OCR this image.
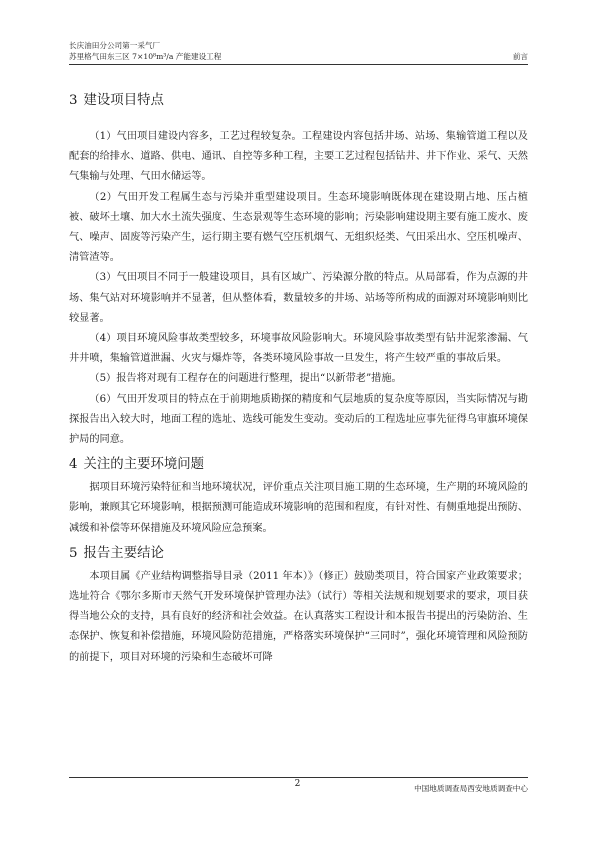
长庆油田分公司第一采气厂
苏里格气田东三区 7×10⁸m³/a 产能建设工程	前言
3 建设项目特点

（1）气田项目建设内容多，工艺过程较复杂。工程建设内容包括井场、站场、集输管道工程以及配套的给排水、道路、供电、通讯、自控等多种工程，主要工艺过程包括钻井、井下作业、采气、天然气集输与处理、气田水储运等。

（2）气田开发工程属生态与污染并重型建设项目。生态环境影响既体现在建设期占地、压占植被、破坏土壤、加大水土流失强度、生态景观等生态环境的影响；污染影响建设期主要有施工废水、废气、噪声、固废等污染产生，运行期主要有燃气空压机烟气、无组织烃类、气田采出水、空压机噪声、清管渣等。

（3）气田项目不同于一般建设项目，具有区域广、污染源分散的特点。从局部看，作为点源的井场、集气站对环境影响并不显著，但从整体看，数量较多的井场、站场等所构成的面源对环境影响则比较显著。

（4）项目环境风险事故类型较多，环境事故风险影响大。环境风险事故类型有钻井泥浆渗漏、气井井喷，集输管道泄漏、火灾与爆炸等，各类环境风险事故一旦发生，将产生较严重的事故后果。

（5）报告将对现有工程存在的问题进行整理，提出“以新带老”措施。

（6）气田开发项目的特点在于前期地质勘探的精度和气层地质的复杂度等原因，当实际情况与勘探报告出入较大时，地面工程的选址、选线可能发生变动。变动后的工程选址应事先征得乌审旗环境保护局的同意。

4 关注的主要环境问题

据项目环境污染特征和当地环境状况，评价重点关注项目施工期的生态环境，生产期的环境风险的影响，兼顾其它环境影响，根据预测可能造成环境影响的范围和程度，有针对性、有侧重地提出预防、减缓和补偿等环保措施及环境风险应急预案。

5 报告主要结论

本项目属《产业结构调整指导目录（2011 年本）》（修正）鼓励类项目，符合国家产业政策要求；选址符合《鄂尔多斯市天然气开发环境保护管理办法》（试行）等相关法规和规划要求的要求，项目获得当地公众的支持，具有良好的经济和社会效益。在认真落实工程设计和本报告书提出的污染防治、生态保护、恢复和补偿措施，环境风险防范措施，严格落实环境保护“三同时”，强化环境管理和风险预防的前提下，项目对环境的污染和生态破坏可降

2	中国地质调查局西安地质调查中心
